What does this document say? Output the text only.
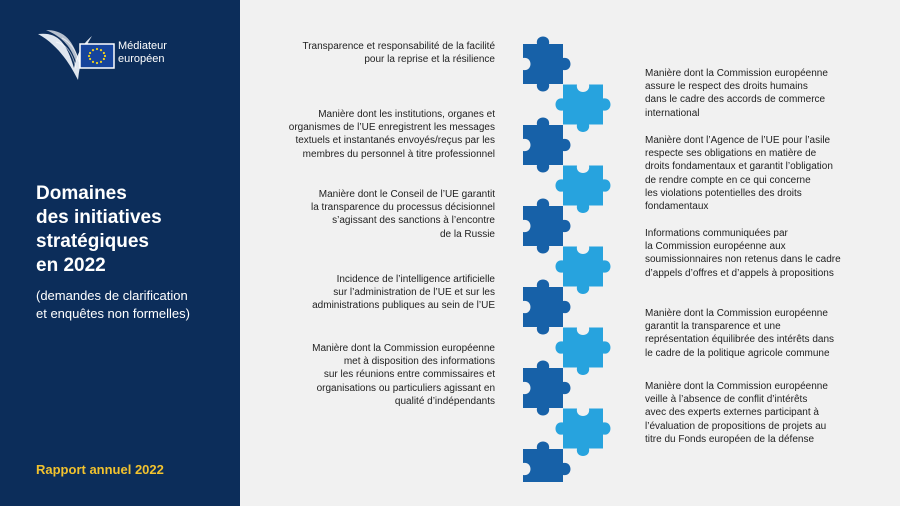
Médiateur
européen
Domaines
des initiatives
stratégiques
en 2022
(demandes de clarification
et enquêtes non formelles)
Rapport annuel 2022
Transparence et responsabilité de la facilité
pour la reprise et la résilience
Manière dont les institutions, organes et
organismes de l’UE enregistrent les messages
textuels et instantanés envoyés/reçus par les
membres du personnel à titre professionnel
Manière dont le Conseil de l’UE garantit
la transparence du processus décisionnel
s’agissant des sanctions à l’encontre
de la Russie
Incidence de l’intelligence artificielle
sur l’administration de l’UE et sur les
administrations publiques au sein de l’UE
Manière dont la Commission européenne
met à disposition des informations
sur les réunions entre commissaires et
organisations ou particuliers agissant en
qualité d’indépendants
Manière dont la Commission européenne
assure le respect des droits humains
dans le cadre des accords de commerce
international
Manière dont l’Agence de l’UE pour l’asile
respecte ses obligations en matière de
droits fondamentaux et garantit l’obligation
de rendre compte en ce qui concerne
les violations potentielles des droits
fondamentaux
Informations communiquées par
la Commission européenne aux
soumissionnaires non retenus dans le cadre
d’appels d’offres et d’appels à propositions
Manière dont la Commission européenne
garantit la transparence et une
représentation équilibrée des intérêts dans
le cadre de la politique agricole commune
Manière dont la Commission européenne
veille à l’absence de conflit d’intérêts
avec des experts externes participant à
l’évaluation de propositions de projets au
titre du Fonds européen de la défense
